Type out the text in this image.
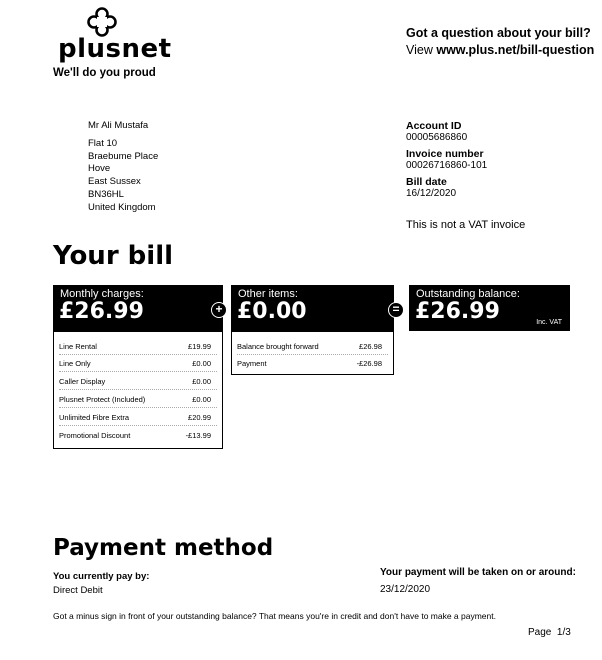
plusnet
We'll do you proud
Got a question about your bill?
View www.plus.net/bill-question
Mr Ali Mustafa
Flat 10
Braebume Place
Hove
East Sussex
BN36HL
United Kingdom
Account ID
00005686860
Invoice number
00026716860-101
Bill date
16/12/2020
This is not a VAT invoice
Your bill
Monthly charges:
£26.99
Line Rental	£19.99
Line Only	£0.00
Caller Display	£0.00
Plusnet Protect (Included)	£0.00
Unlimited Fibre Extra	£20.99
Promotional Discount	-£13.99
+
Other items:
£0.00
Balance brought forward	£26.98
Payment	-£26.98
=
Outstanding balance:
£26.99	Inc. VAT
Payment method
You currently pay by:
Direct Debit
Your payment will be taken on or around:
23/12/2020
Got a minus sign in front of your outstanding balance? That means you're in credit and don't have to make a payment.
Page 1/3
